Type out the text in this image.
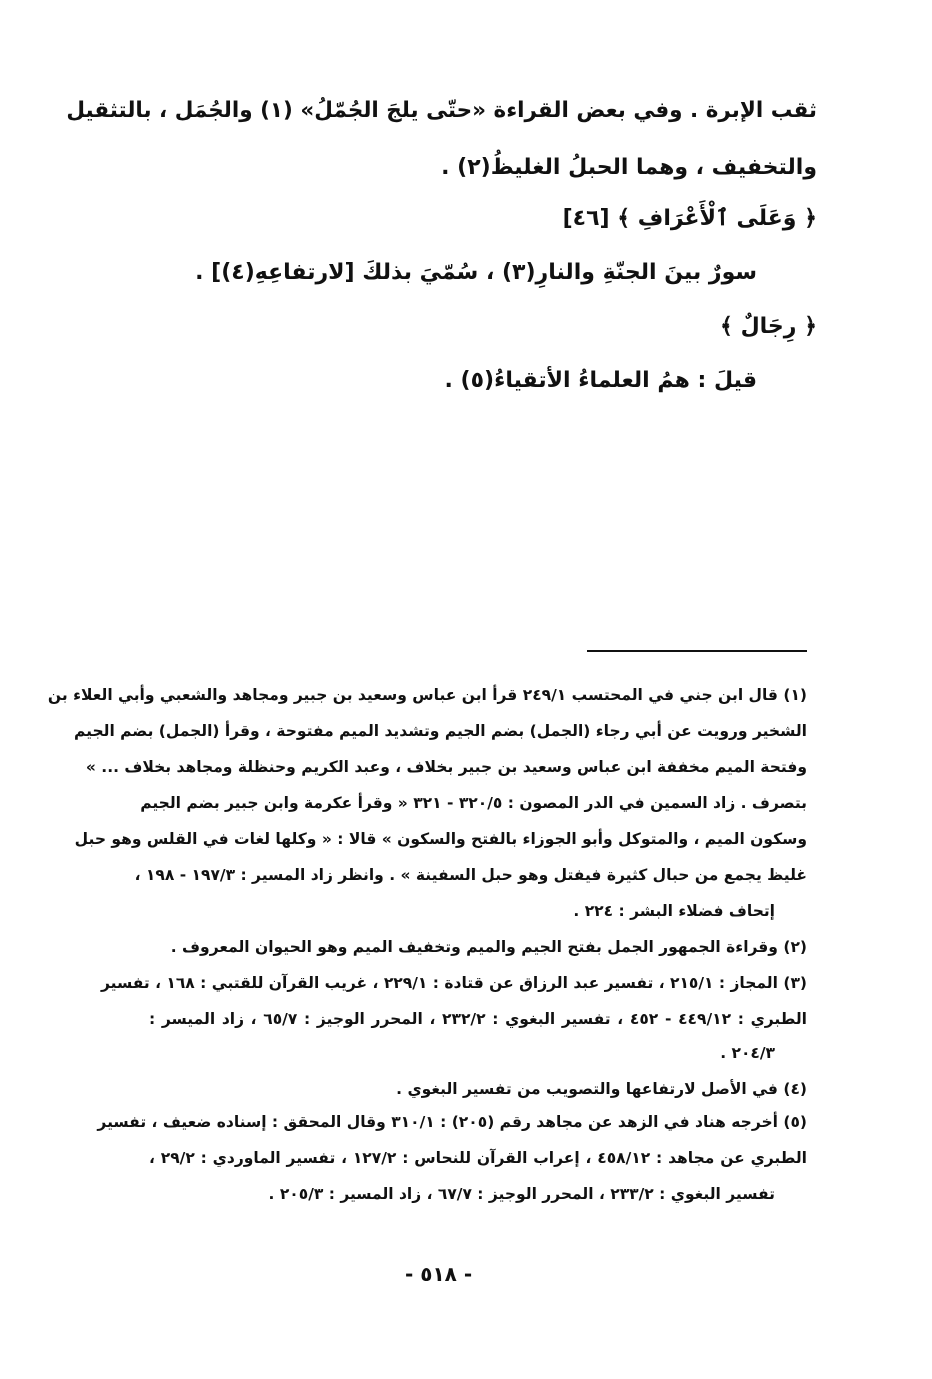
ثقب الإبرة . وفي بعض القراءة «حتّى يلجَ الجُمّلُ» (١) والجُمَل ، بالتثقيل
والتخفيف ، وهما الحبلُ الغليظُ(٢) .
﴿ وَعَلَى ٱلْأَعْرَافِ ﴾ [٤٦]
سورٌ بينَ الجنّةِ والنارِ(٣) ، سُمّيَ بذلكَ [لارتفاعِهِ(٤)] .
﴿ رِجَالٌ ﴾
قيلَ : همُ العلماءُ الأتقياءُ(٥) .
(١) قال ابن جني في المحتسب ٢٤٩/١ قرأ ابن عباس وسعيد بن جبير ومجاهد والشعبي وأبي العلاء بن
الشخير ورويت عن أبي رجاء (الجمل) بضم الجيم وتشديد الميم مفتوحة ، وقرأ (الجمل) بضم الجيم
وفتحة الميم مخففة ابن عباس وسعيد بن جبير بخلاف ، وعبد الكريم وحنظلة ومجاهد بخلاف ... »
بتصرف . زاد السمين في الدر المصون : ٣٢٠/٥ - ٣٢١ « وقرأ عكرمة وابن جبير بضم الجيم
وسكون الميم ، والمتوكل وأبو الجوزاء بالفتح والسكون » قالا : « وكلها لغات في القلس وهو حبل
غليظ يجمع من حبال كثيرة فيفتل وهو حبل السفينة » . وانظر زاد المسير : ١٩٧/٣ - ١٩٨ ،
إتحاف فضلاء البشر : ٢٢٤ .
(٢) وقراءة الجمهور الجمل بفتح الجيم والميم وتخفيف الميم وهو الحيوان المعروف .
(٣) المجاز : ٢١٥/١ ، تفسير عبد الرزاق عن قتادة : ٢٢٩/١ ، غريب القرآن للقتبي : ١٦٨ ، تفسير
الطبري : ٤٤٩/١٢ - ٤٥٢ ، تفسير البغوي : ٢٣٢/٢ ، المحرر الوجيز : ٦٥/٧ ، زاد الميسر :
٢٠٤/٣ .
(٤) في الأصل لارتفاعها والتصويب من تفسير البغوي .
(٥) أخرجه هناد في الزهد عن مجاهد رقم (٢٠٥) : ٣١٠/١ وقال المحقق : إسناده ضعيف ، تفسير
الطبري عن مجاهد : ٤٥٨/١٢ ، إعراب القرآن للنحاس : ١٢٧/٢ ، تفسير الماوردي : ٢٩/٢ ،
تفسير البغوي : ٢٣٣/٢ ، المحرر الوجيز : ٦٧/٧ ، زاد المسير : ٢٠٥/٣ .
- ٥١٨ -
